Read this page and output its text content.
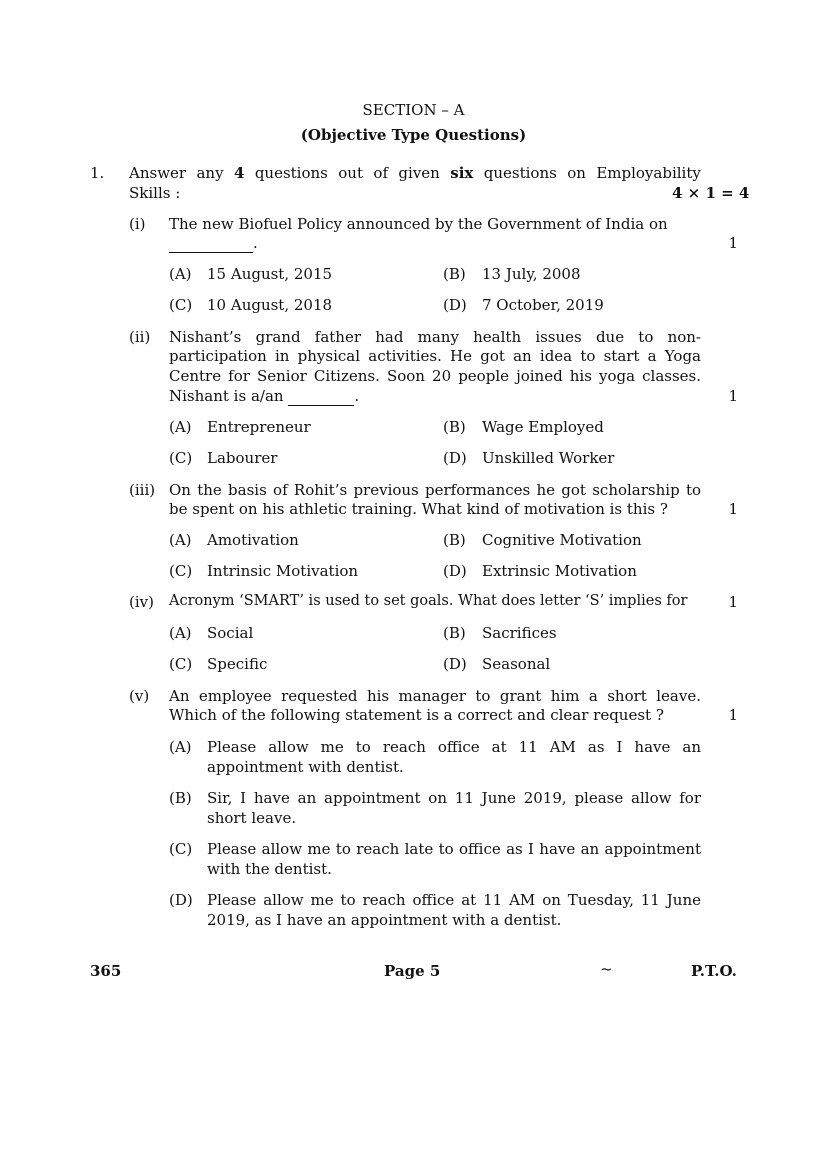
SECTION – A
(Objective Type Questions)
1. Answer any 4 questions out of given six questions on Employability
Skills :	4 × 1 = 4
(i) The new Biofuel Policy announced by the Government of India on
.	1
(A) 15 August, 2015	(B) 13 July, 2008
(C) 10 August, 2018	(D) 7 October, 2019
(ii) Nishant’s grand father had many health issues due to non-
participation in physical activities. He got an idea to start a Yoga
Centre for Senior Citizens. Soon 20 people joined his yoga classes.
Nishant is a/an	.	1
(A) Entrepreneur	(B) Wage Employed
(C) Labourer	(D) Unskilled Worker
(iii) On the basis of Rohit’s previous performances he got scholarship to
be spent on his athletic training. What kind of motivation is this ?	1
(A) Amotivation	(B) Cognitive Motivation
(C) Intrinsic Motivation	(D) Extrinsic Motivation
(iv) Acronym ‘SMART’ is used to set goals. What does letter ‘S’ implies for	1
(A) Social	(B) Sacrifices
(C) Specific	(D) Seasonal
(v) An employee requested his manager to grant him a short leave.
Which of the following statement is a correct and clear request ?	1
(A) Please allow me to reach office at 11 AM as I have an
appointment with dentist.
(B) Sir, I have an appointment on 11 June 2019, please allow for
short leave.
(C) Please allow me to reach late to office as I have an appointment
with the dentist.
(D) Please allow me to reach office at 11 AM on Tuesday, 11 June
2019, as I have an appointment with a dentist.
365	Page 5	~	P.T.O.
